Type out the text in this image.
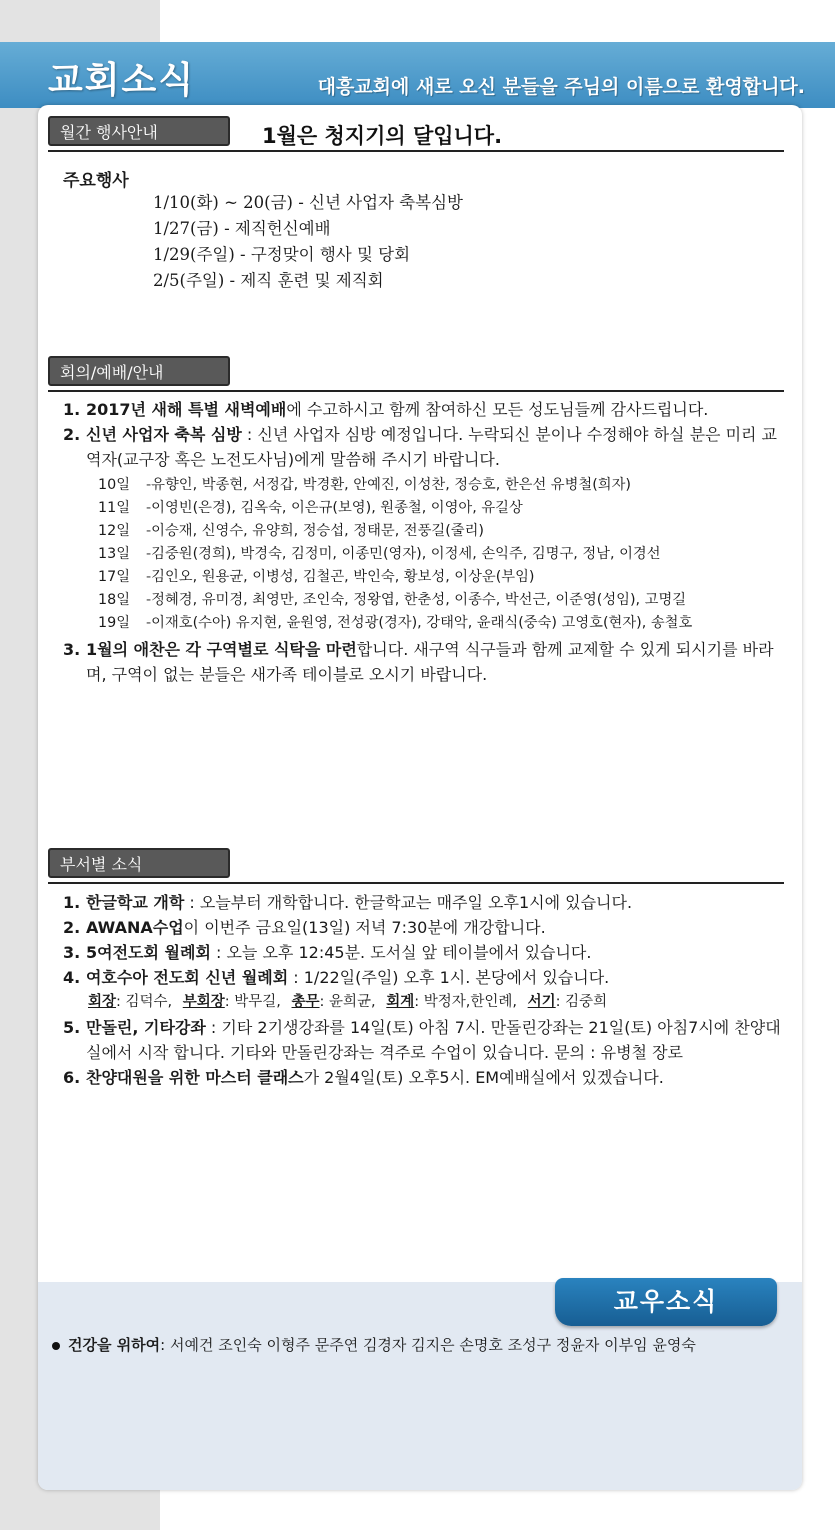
교회소식	대흥교회에 새로 오신 분들을 주님의 이름으로 환영합니다.
월간 행사안내	1월은 청지기의 달입니다.
주요행사
1/10(화) ~ 20(금) - 신년 사업자 축복심방
1/27(금) - 제직헌신예배
1/29(주일) - 구정맞이 행사 및 당회
2/5(주일) - 제직 훈련 및 제직회
회의/예배/안내
1. 2017년 새해 특별 새벽예배에 수고하시고 함께 참여하신 모든 성도님들께 감사드립니다.
2. 신년 사업자 축복 심방 : 신년 사업자 심방 예정입니다. 누락되신 분이나 수정해야 하실 분은 미리 교역자(교구장 혹은 노전도사님)에게 말씀해 주시기 바랍니다.
10일 -유향인, 박종현, 서정갑, 박경환, 안예진, 이성찬, 정승호, 한은선 유병철(희자)
11일 -이영빈(은경), 김옥숙, 이은규(보영), 원종철, 이영아, 유길상
12일 -이승재, 신영수, 유양희, 정승섭, 정태문, 전풍길(줄리)
13일 -김중원(경희), 박경숙, 김정미, 이종민(영자), 이정세, 손익주, 김명구, 정남, 이경선
17일 -김인오, 원용균, 이병성, 김철곤, 박인숙, 황보성, 이상운(부임)
18일 -정혜경, 유미경, 최영만, 조인숙, 정왕엽, 한춘성, 이종수, 박선근, 이준영(성임), 고명길
19일 -이재호(수아) 유지현, 윤원영, 전성광(경자), 강태악, 윤래식(중숙) 고영호(현자), 송철호
3. 1월의 애찬은 각 구역별로 식탁을 마련합니다. 새구역 식구들과 함께 교제할 수 있게 되시기를 바라며, 구역이 없는 분들은 새가족 테이블로 오시기 바랍니다.
부서별 소식
1. 한글학교 개학 : 오늘부터 개학합니다. 한글학교는 매주일 오후1시에 있습니다.
2. AWANA수업이 이번주 금요일(13일) 저녁 7:30분에 개강합니다.
3. 5여전도회 월례회 : 오늘 오후 12:45분. 도서실 앞 테이블에서 있습니다.
4. 여호수아 전도회 신년 월례회 : 1/22일(주일) 오후 1시. 본당에서 있습니다.
회장: 김덕수, 부회장: 박무길, 총무: 윤희균, 회계: 박정자,한인례, 서기: 김중희
5. 만돌린, 기타강좌 : 기타 2기생강좌를 14일(토) 아침 7시. 만돌린강좌는 21일(토) 아침7시에 찬양대실에서 시작 합니다. 기타와 만돌린강좌는 격주로 수업이 있습니다. 문의 : 유병철 장로
6. 찬양대원을 위한 마스터 클래스가 2월4일(토) 오후5시. EM예배실에서 있겠습니다.
교우소식
건강을 위하여: 서예건 조인숙 이형주 문주연 김경자 김지은 손명호 조성구 정윤자 이부임 윤영숙
